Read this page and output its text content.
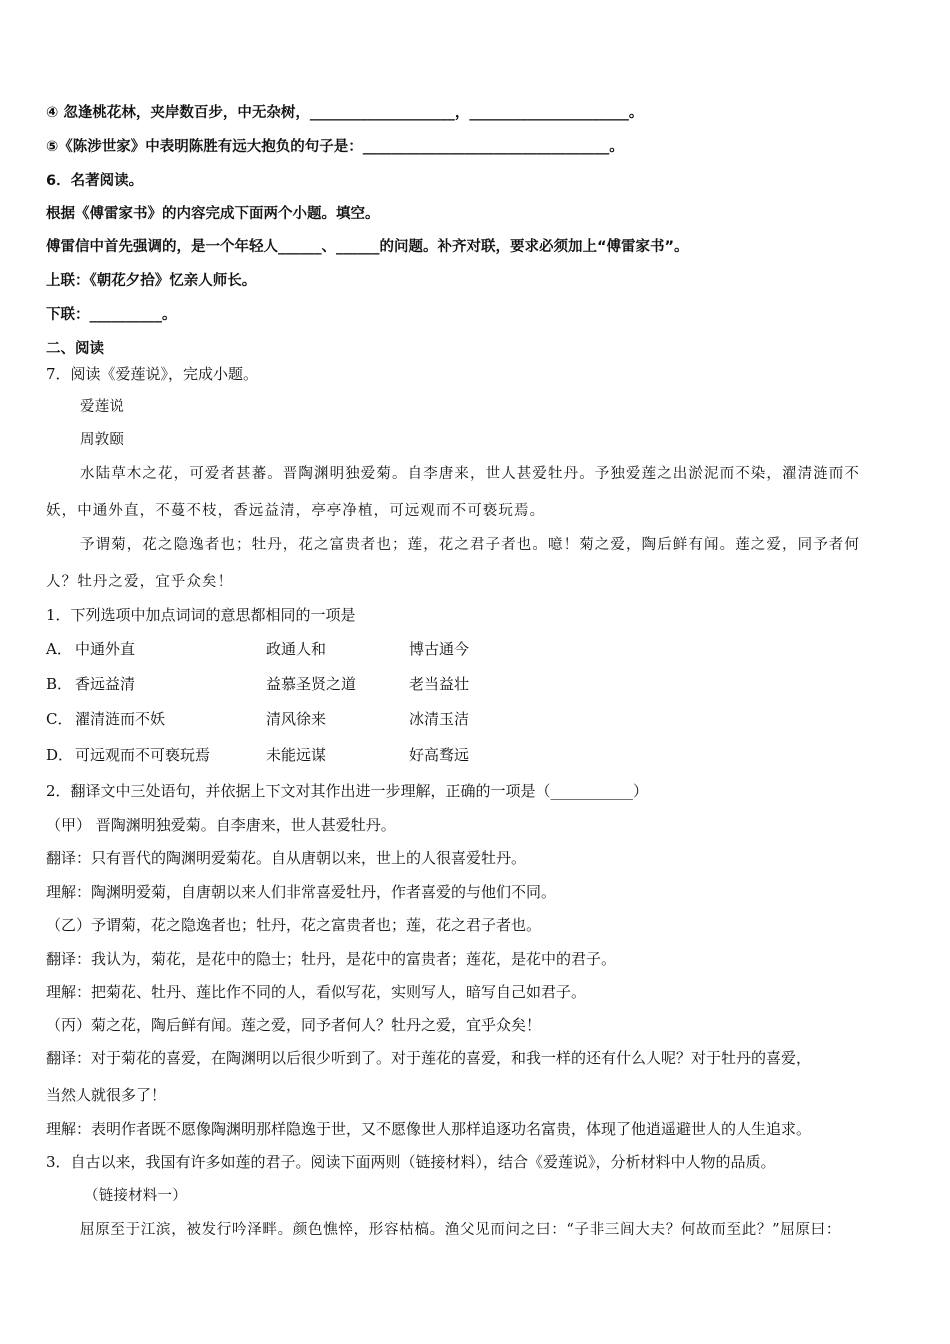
④ 忽逢桃花林，夹岸数百步，中无杂树，____________________，______________________。
⑤《陈涉世家》中表明陈胜有远大抱负的句子是：__________________________________。
6．名著阅读。
根据《傅雷家书》的内容完成下面两个小题。填空。
傅雷信中首先强调的，是一个年轻人______、______的问题。补齐对联，要求必须加上“傅雷家书”。
上联：《朝花夕拾》忆亲人师长。
下联：__________。
二、阅读
7．阅读《爱莲说》，完成小题。
爱莲说
周敦颐
水陆草木之花，可爱者甚蕃。晋陶渊明独爱菊。自李唐来，世人甚爱牡丹。予独爱莲之出淤泥而不染，濯清涟而不
妖，中通外直，不蔓不枝，香远益清，亭亭净植，可远观而不可亵玩焉。
予谓菊，花之隐逸者也；牡丹，花之富贵者也；莲，花之君子者也。噫！菊之爱，陶后鲜有闻。莲之爱，同予者何
人？牡丹之爱，宜乎众矣！
1．下列选项中加点词词的意思都相同的一项是
A． 中通外直	政通人和	博古通今
B． 香远益清	益慕圣贤之道	老当益壮
C． 濯清涟而不妖	清风徐来	冰清玉洁
D． 可远观而不可亵玩焉	未能远谋	好高骛远
2．翻译文中三处语句，并依据上下文对其作出进一步理解，正确的一项是（___________）
（甲） 晋陶渊明独爱菊。自李唐来，世人甚爱牡丹。
翻译：只有晋代的陶渊明爱菊花。自从唐朝以来，世上的人很喜爱牡丹。
理解：陶渊明爱菊，自唐朝以来人们非常喜爱牡丹，作者喜爱的与他们不同。
（乙）予谓菊，花之隐逸者也；牡丹，花之富贵者也；莲，花之君子者也。
翻译：我认为，菊花，是花中的隐士；牡丹，是花中的富贵者；莲花，是花中的君子。
理解：把菊花、牡丹、莲比作不同的人，看似写花，实则写人，暗写自己如君子。
（丙）菊之花，陶后鲜有闻。莲之爱，同予者何人？牡丹之爱，宜乎众矣！
翻译：对于菊花的喜爱，在陶渊明以后很少听到了。对于莲花的喜爱，和我一样的还有什么人呢？对于牡丹的喜爱，
当然人就很多了！
理解：表明作者既不愿像陶渊明那样隐逸于世，又不愿像世人那样追逐功名富贵，体现了他逍遥避世人的人生追求。
3．自古以来，我国有许多如莲的君子。阅读下面两则（链接材料），结合《爱莲说》，分析材料中人物的品质。
（链接材料一）
屈原至于江滨，被发行吟泽畔。颜色憔悴，形容枯槁。渔父见而问之曰：“子非三闾大夫？何故而至此？”屈原曰：
